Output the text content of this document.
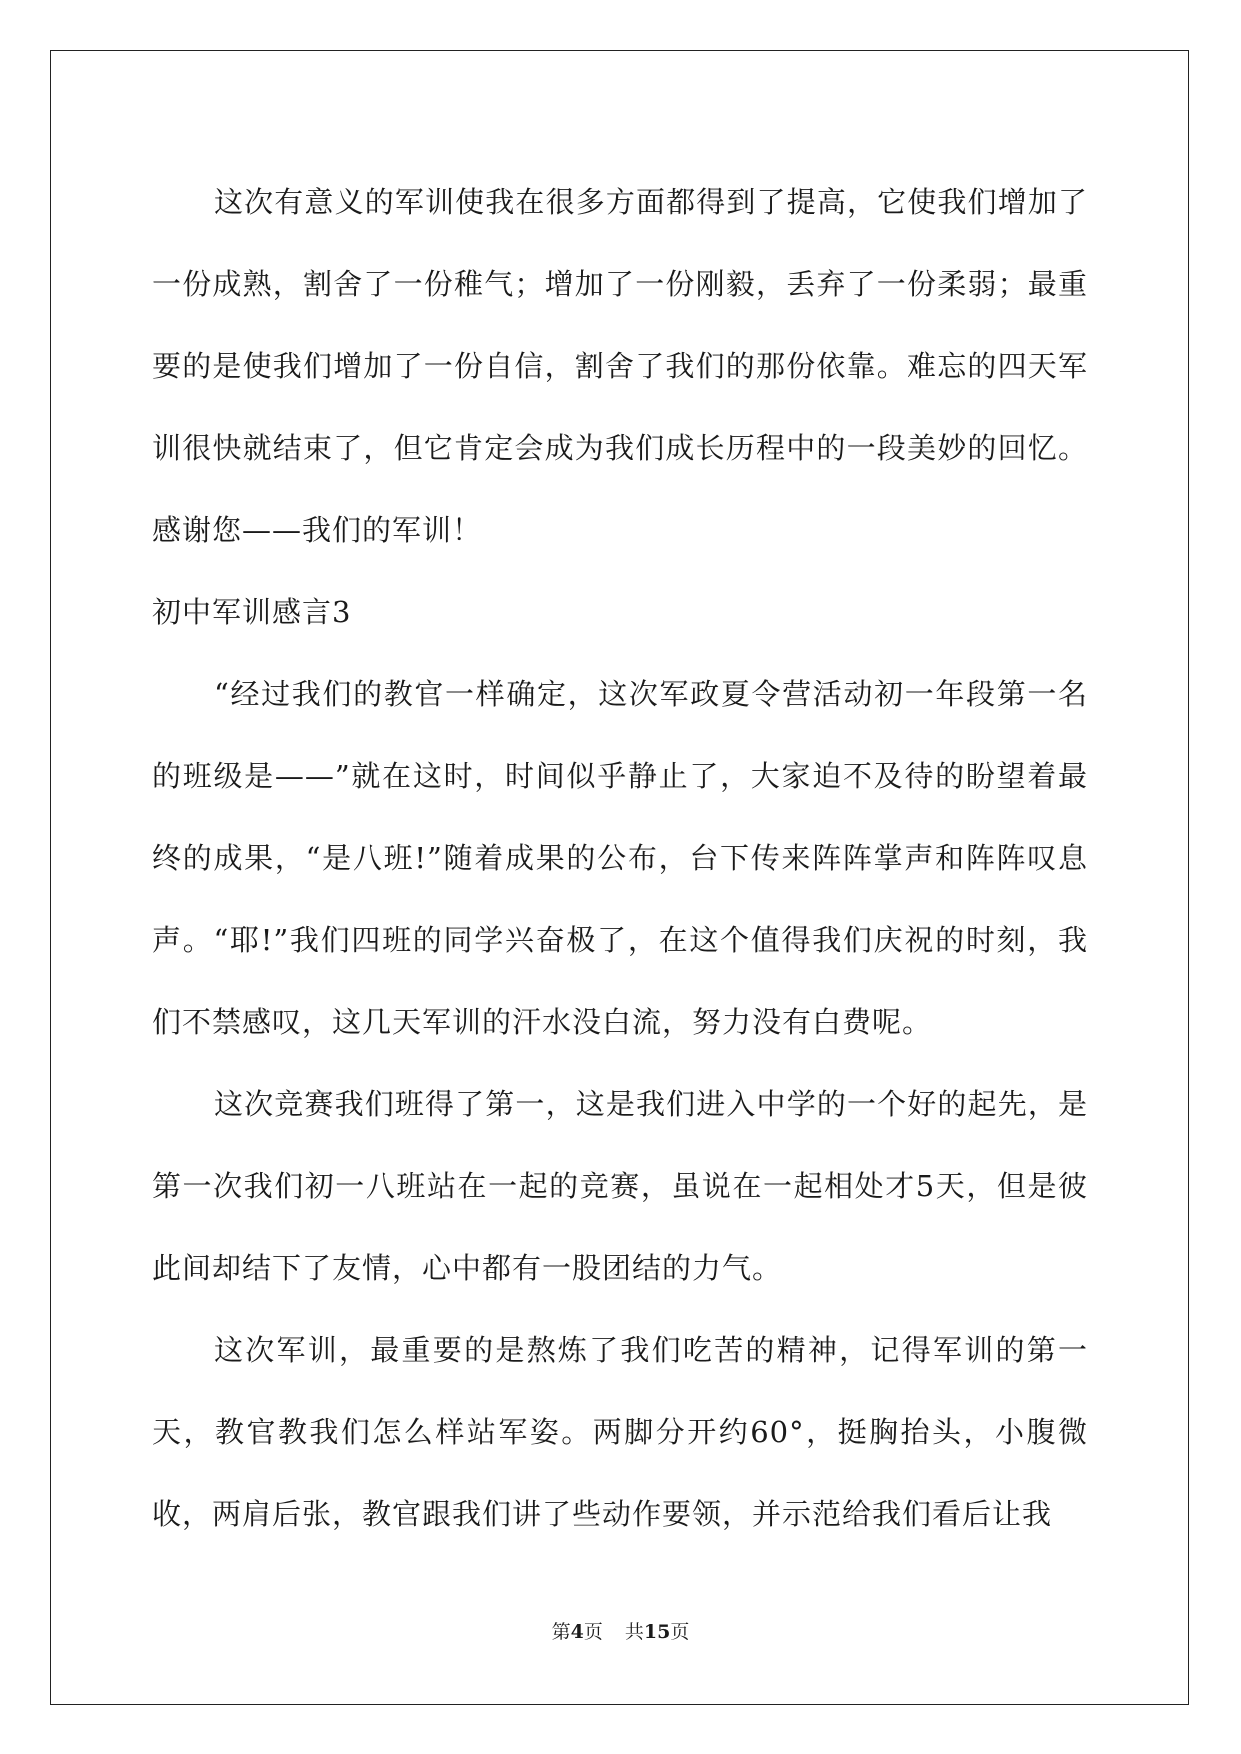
这次有意义的军训使我在很多方面都得到了提高，它使我们增加了一份成熟，割舍了一份稚气；增加了一份刚毅，丢弃了一份柔弱；最重要的是使我们增加了一份自信，割舍了我们的那份依靠。难忘的四天军训很快就结束了，但它肯定会成为我们成长历程中的一段美妙的回忆。感谢您——我们的军训！

初中军训感言3

“经过我们的教官一样确定，这次军政夏令营活动初一年段第一名的班级是——”就在这时，时间似乎静止了，大家迫不及待的盼望着最终的成果，“是八班!”随着成果的公布，台下传来阵阵掌声和阵阵叹息声。“耶!”我们四班的同学兴奋极了，在这个值得我们庆祝的时刻，我们不禁感叹，这几天军训的汗水没白流，努力没有白费呢。

这次竞赛我们班得了第一，这是我们进入中学的一个好的起先，是第一次我们初一八班站在一起的竞赛，虽说在一起相处才5天，但是彼此间却结下了友情，心中都有一股团结的力气。

这次军训，最重要的是熬炼了我们吃苦的精神，记得军训的第一天，教官教我们怎么样站军姿。两脚分开约60°，挺胸抬头，小腹微收，两肩后张，教官跟我们讲了些动作要领，并示范给我们看后让我

第4页 共15页
